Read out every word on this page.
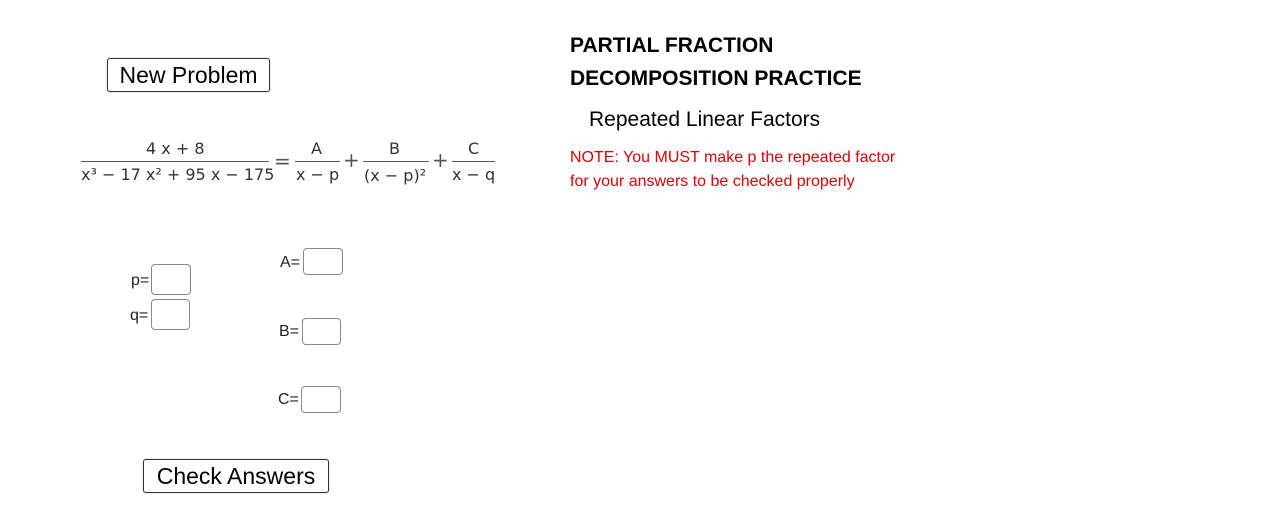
New Problem
Check Answers
PARTIAL FRACTION
DECOMPOSITION PRACTICE
Repeated Linear Factors
NOTE: You MUST make p the repeated factor
for your answers to be checked properly
4 x + 8
x³ − 17 x² + 95 x − 175
=
A
x − p
+ B
(x − p)²
+ C
x − q
p=
q=
A=
B=
C=
